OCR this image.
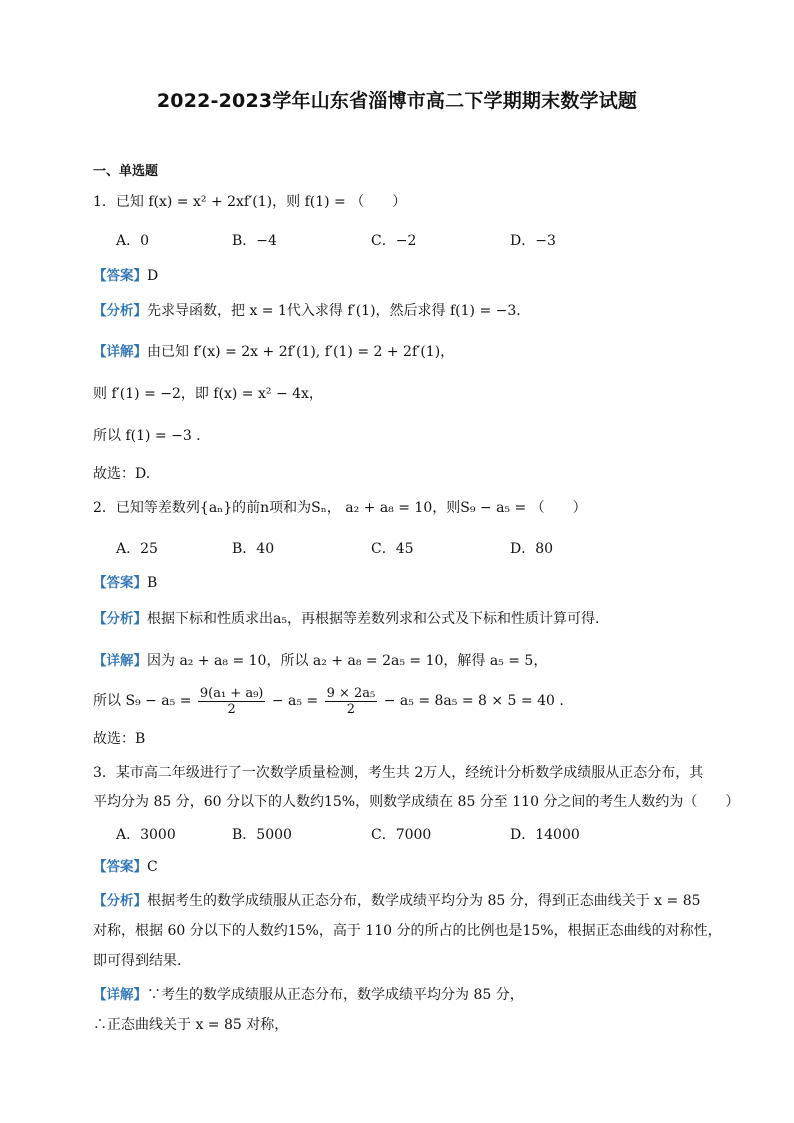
2022-2023学年山东省淄博市高二下学期期末数学试题
一、单选题
1．已知 f(x) = x² + 2xf′(1)，则 f(1) = （　　）
A．0	B．−4	C．−2	D．−3
【答案】D
【分析】先求导函数，把 x = 1代入求得 f′(1)，然后求得 f(1) = −3.
【详解】由已知 f′(x) = 2x + 2f′(1), f′(1) = 2 + 2f′(1)，
则 f′(1) = −2，即 f(x) = x² − 4x，
所以 f(1) = −3 .
故选：D.
2．已知等差数列{aₙ}的前n项和为Sₙ， a₂ + a₈ = 10，则S₉ − a₅ = （　　）
A．25	B．40	C．45	D．80
【答案】B
【分析】根据下标和性质求出a₅，再根据等差数列求和公式及下标和性质计算可得.
【详解】因为 a₂ + a₈ = 10，所以 a₂ + a₈ = 2a₅ = 10，解得 a₅ = 5，
所以 $S_9 - a_5 = \frac{\text{9(a₁ + a₉)}}{2} - a_5 = \frac{\text{9 × 2a₅}}{2} - a_5 = 8a_5 = 8 \times 5 = 40$ .
故选：B
3．某市高二年级进行了一次数学质量检测，考生共 2万人，经统计分析数学成绩服从正态分布，其
平均分为 85 分，60 分以下的人数约15%，则数学成绩在 85 分至 110 分之间的考生人数约为（　　）
A．3000	B．5000	C．7000	D．14000
【答案】C
【分析】根据考生的数学成绩服从正态分布，数学成绩平均分为 85 分，得到正态曲线关于 x = 85
对称，根据 60 分以下的人数约15%，高于 110 分的所占的比例也是15%，根据正态曲线的对称性，
即可得到结果.
【详解】∵考生的数学成绩服从正态分布，数学成绩平均分为 85 分，
∴正态曲线关于 x = 85 对称，
